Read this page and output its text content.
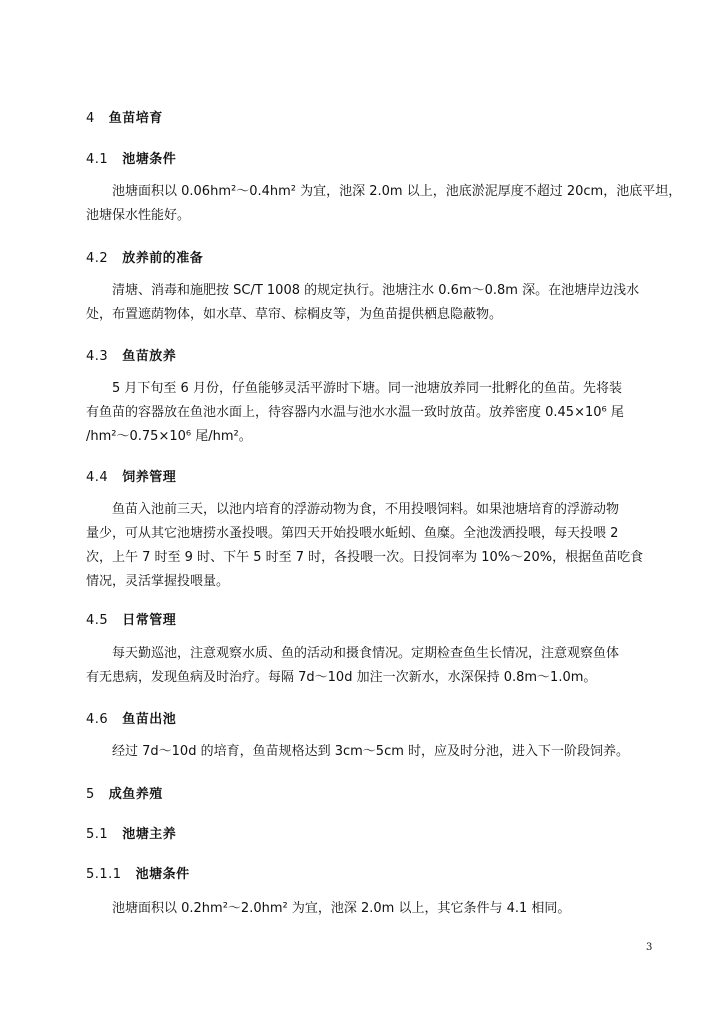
4 鱼苗培育
4.1 池塘条件
池塘面积以 0.06hm²～0.4hm² 为宜，池深 2.0m 以上，池底淤泥厚度不超过 20cm，池底平坦，
池塘保水性能好。
4.2 放养前的准备
清塘、消毒和施肥按 SC/T 1008 的规定执行。池塘注水 0.6m～0.8m 深。在池塘岸边浅水
处，布置遮荫物体，如水草、草帘、棕榈皮等，为鱼苗提供栖息隐蔽物。
4.3 鱼苗放养
5 月下旬至 6 月份，仔鱼能够灵活平游时下塘。同一池塘放养同一批孵化的鱼苗。先将装
有鱼苗的容器放在鱼池水面上，待容器内水温与池水水温一致时放苗。放养密度 0.45×10⁶ 尾
/hm²～0.75×10⁶ 尾/hm²。
4.4 饲养管理
鱼苗入池前三天，以池内培育的浮游动物为食，不用投喂饲料。如果池塘培育的浮游动物
量少，可从其它池塘捞水蚤投喂。第四天开始投喂水蚯蚓、鱼糜。全池泼洒投喂，每天投喂 2
次，上午 7 时至 9 时、下午 5 时至 7 时，各投喂一次。日投饲率为 10%～20%，根据鱼苗吃食
情况，灵活掌握投喂量。
4.5 日常管理
每天勤巡池，注意观察水质、鱼的活动和摄食情况。定期检查鱼生长情况，注意观察鱼体
有无患病，发现鱼病及时治疗。每隔 7d～10d 加注一次新水，水深保持 0.8m～1.0m。
4.6 鱼苗出池
经过 7d～10d 的培育，鱼苗规格达到 3cm～5cm 时，应及时分池，进入下一阶段饲养。
5 成鱼养殖
5.1 池塘主养
5.1.1 池塘条件
池塘面积以 0.2hm²～2.0hm² 为宜，池深 2.0m 以上，其它条件与 4.1 相同。
3
